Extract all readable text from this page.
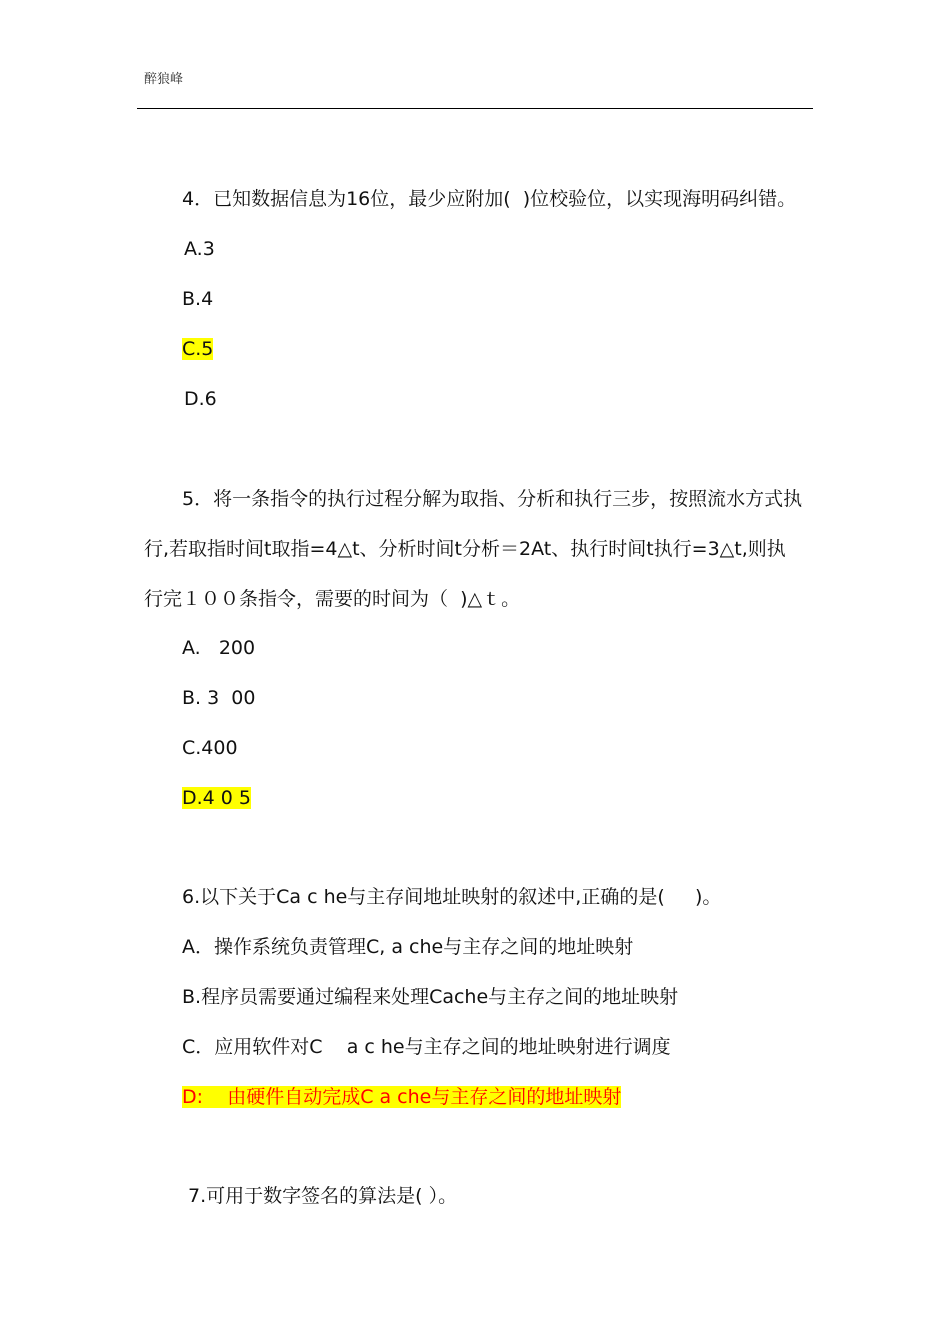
醉狼峰
4．已知数据信息为16位，最少应附加(  )位校验位，以实现海明码纠错。
A.3
B.4
C.5
D.6
5．将一条指令的执行过程分解为取指、分析和执行三步，按照流水方式执
行,若取指时间t取指=4△t、分析时间t分析＝2At、执行时间t执行=3△t,则执
行完１００条指令，需要的时间为（  )△ｔ。
A.   200
B. 3  00
C.400
D.4 0 5
6.以下关于Ca c he与主存间地址映射的叙述中,正确的是(     )。
A．操作系统负责管理C, a che与主存之间的地址映射
B.程序员需要通过编程来处理Cache与主存之间的地址映射
C．应用软件对C    a c he与主存之间的地址映射进行调度
D:    由硬件自动完成C a che与主存之间的地址映射
7.可用于数字签名的算法是( ）。
